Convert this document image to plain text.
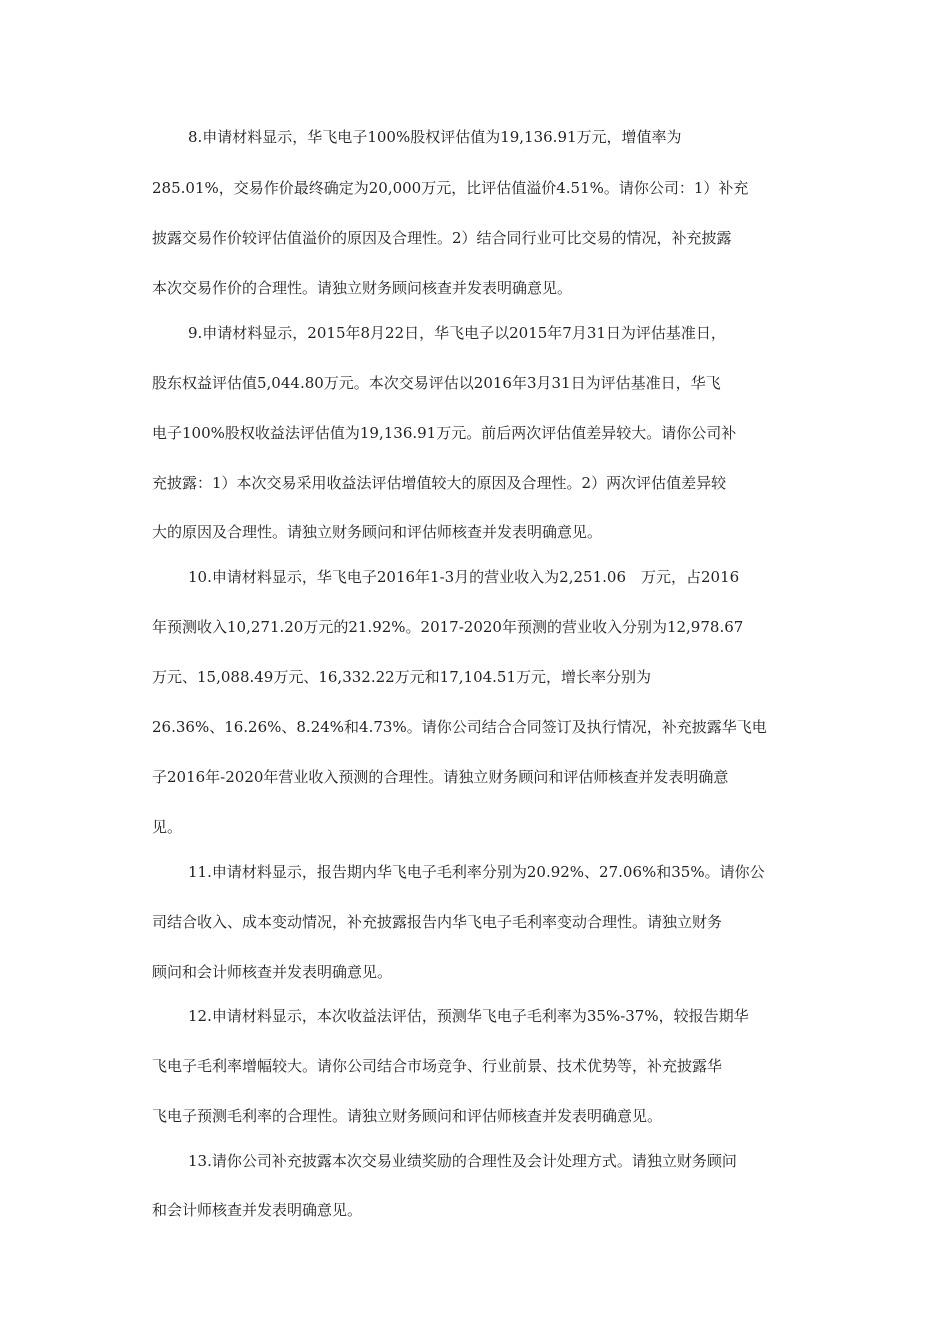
8.申请材料显示，华飞电子100%股权评估值为19,136.91万元，增值率为
285.01%，交易作价最终确定为20,000万元，比评估值溢价4.51%。请你公司：1）补充
披露交易作价较评估值溢价的原因及合理性。2）结合同行业可比交易的情况，补充披露
本次交易作价的合理性。请独立财务顾问核查并发表明确意见。
9.申请材料显示，2015年8月22日，华飞电子以2015年7月31日为评估基准日，
股东权益评估值5,044.80万元。本次交易评估以2016年3月31日为评估基准日，华飞
电子100%股权收益法评估值为19,136.91万元。前后两次评估值差异较大。请你公司补
充披露：1）本次交易采用收益法评估增值较大的原因及合理性。2）两次评估值差异较
大的原因及合理性。请独立财务顾问和评估师核查并发表明确意见。
10.申请材料显示，华飞电子2016年1-3月的营业收入为2,251.06　万元，占2016
年预测收入10,271.20万元的21.92%。2017-2020年预测的营业收入分别为12,978.67
万元、15,088.49万元、16,332.22万元和17,104.51万元，增长率分别为
26.36%、16.26%、8.24%和4.73%。请你公司结合合同签订及执行情况，补充披露华飞电
子2016年-2020年营业收入预测的合理性。请独立财务顾问和评估师核查并发表明确意
见。
11.申请材料显示，报告期内华飞电子毛利率分别为20.92%、27.06%和35%。请你公
司结合收入、成本变动情况，补充披露报告内华飞电子毛利率变动合理性。请独立财务
顾问和会计师核查并发表明确意见。
12.申请材料显示，本次收益法评估，预测华飞电子毛利率为35%-37%，较报告期华
飞电子毛利率增幅较大。请你公司结合市场竞争、行业前景、技术优势等，补充披露华
飞电子预测毛利率的合理性。请独立财务顾问和评估师核查并发表明确意见。
13.请你公司补充披露本次交易业绩奖励的合理性及会计处理方式。请独立财务顾问
和会计师核查并发表明确意见。
